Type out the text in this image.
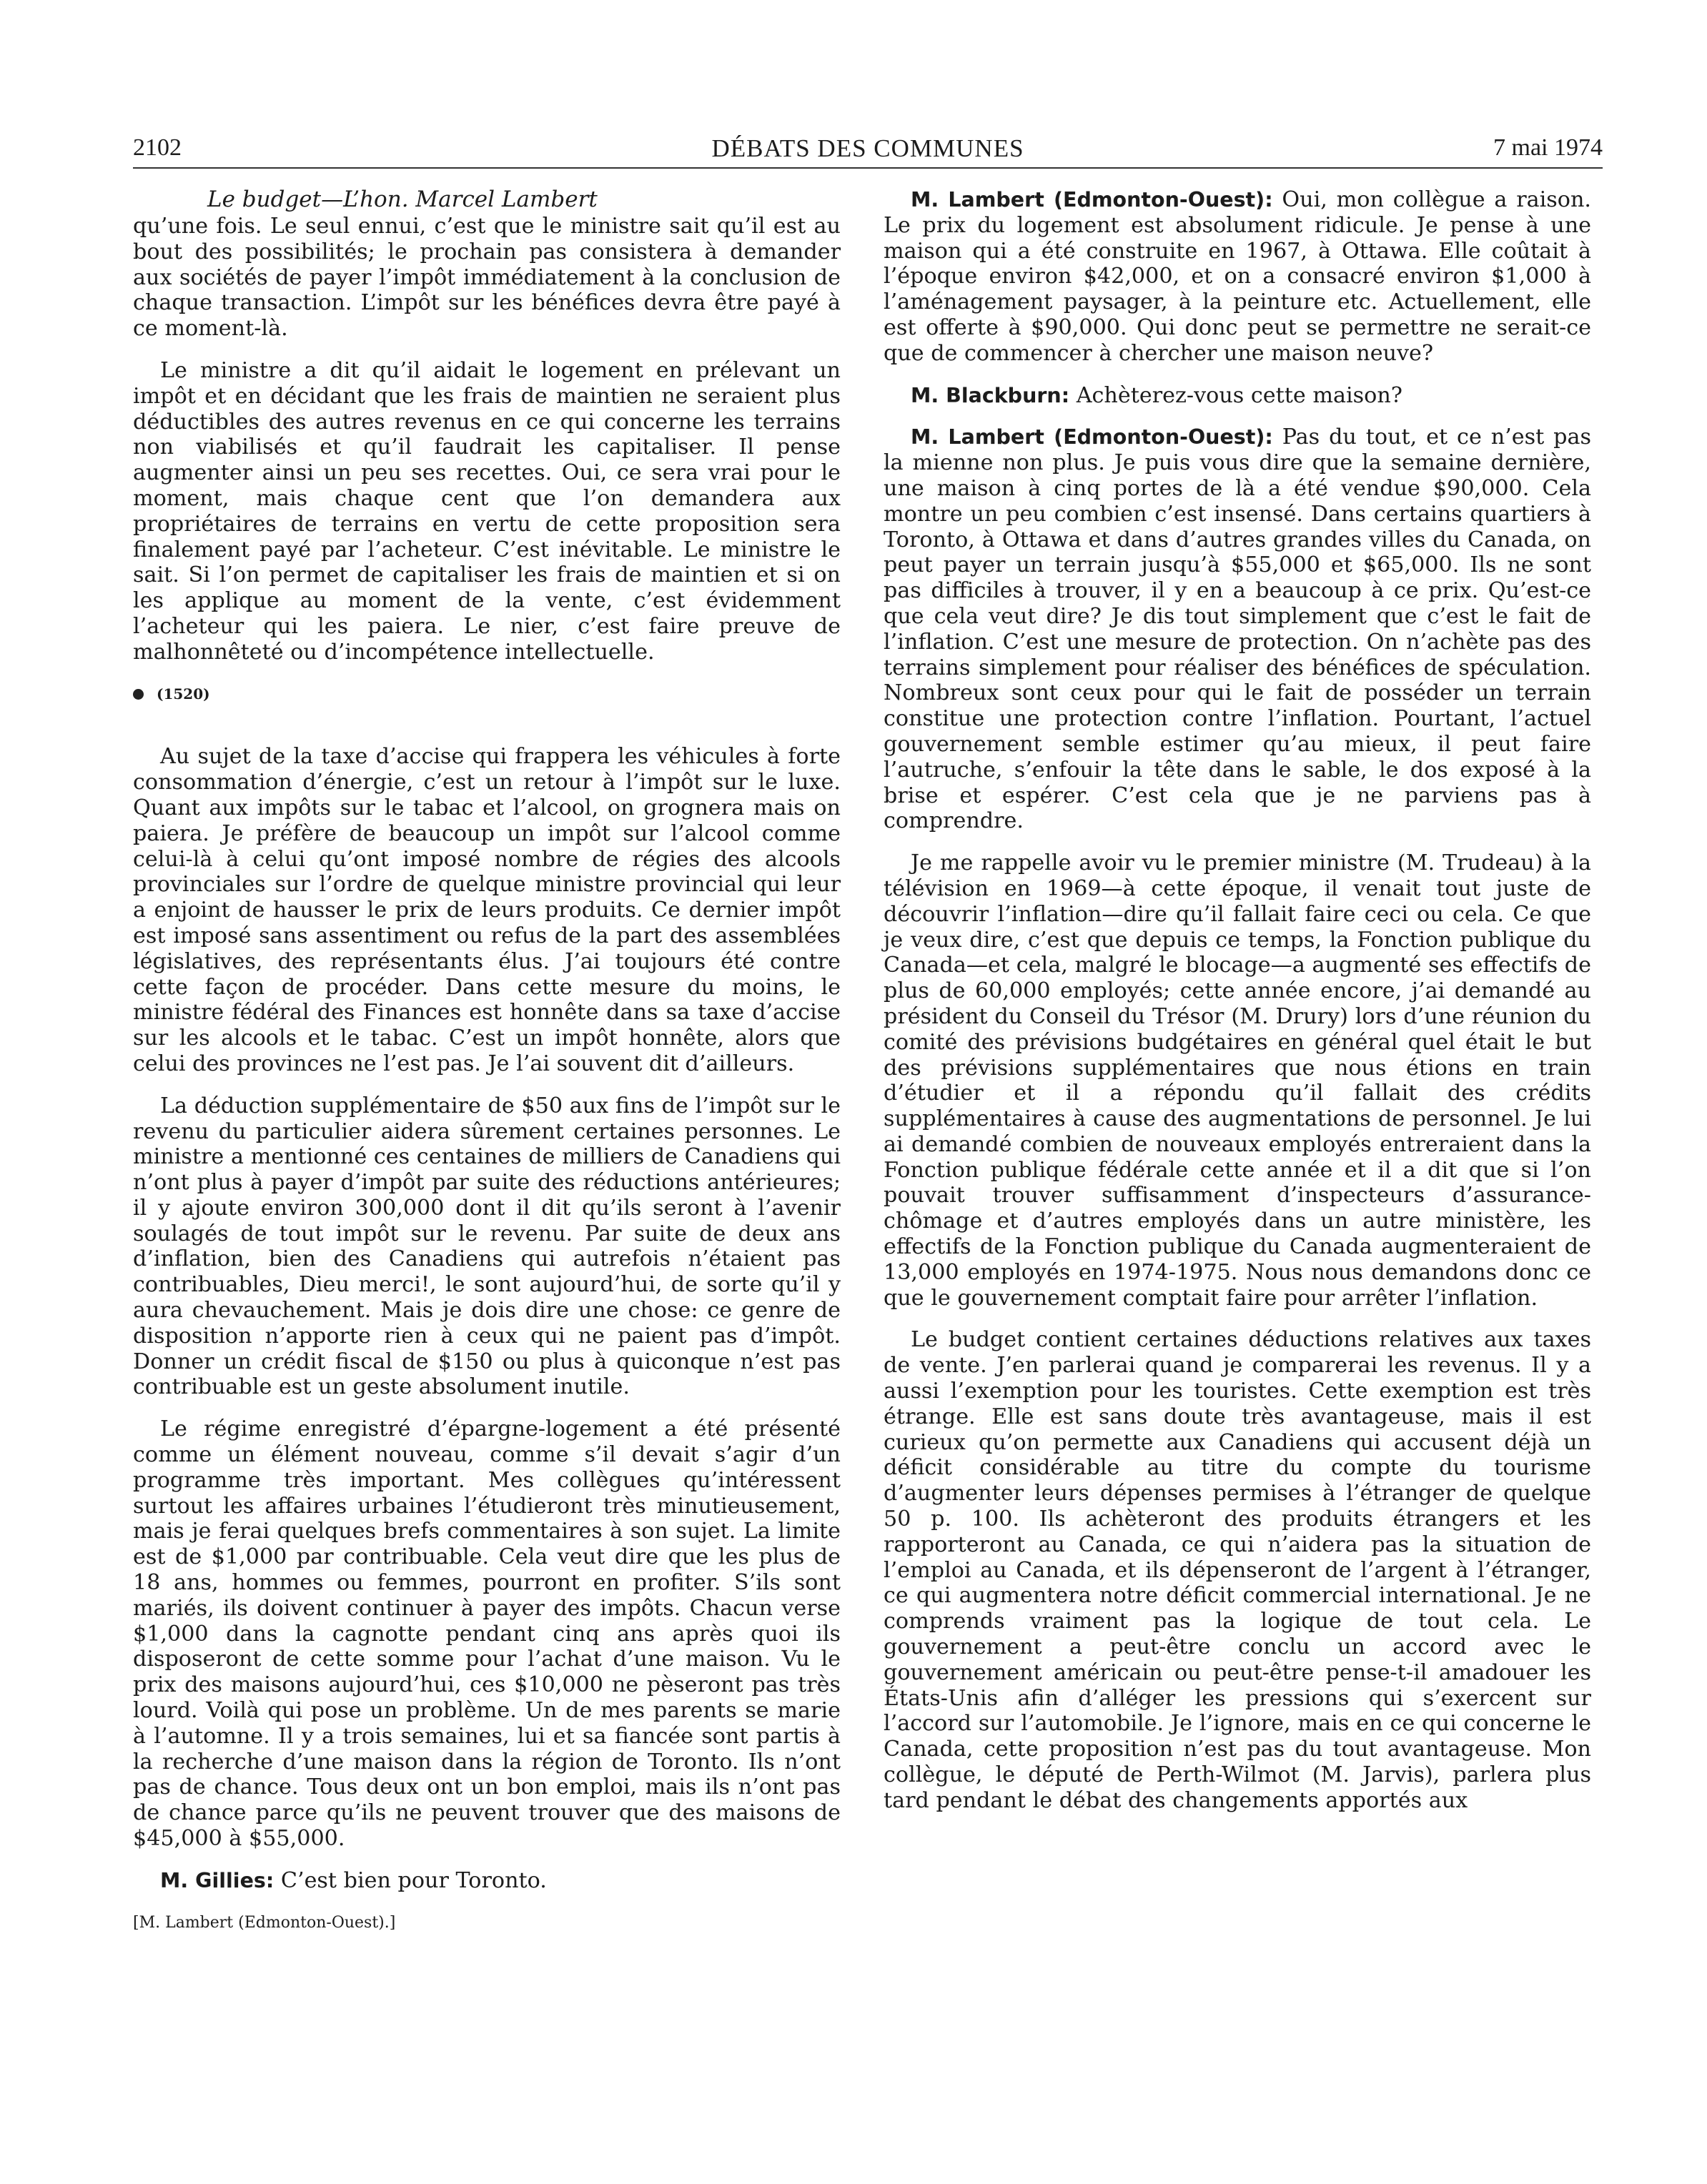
2102	DÉBATS DES COMMUNES	7 mai 1974
Le budget—L’hon. Marcel Lambert

qu’une fois. Le seul ennui, c’est que le ministre sait qu’il est au bout des possibilités; le prochain pas consistera à demander aux sociétés de payer l’impôt immédiatement à la conclusion de chaque transaction. L’impôt sur les bénéfices devra être payé à ce moment-là.

Le ministre a dit qu’il aidait le logement en prélevant un impôt et en décidant que les frais de maintien ne seraient plus déductibles des autres revenus en ce qui concerne les terrains non viabilisés et qu’il faudrait les capitaliser. Il pense augmenter ainsi un peu ses recettes. Oui, ce sera vrai pour le moment, mais chaque cent que l’on demandera aux propriétaires de terrains en vertu de cette proposition sera finalement payé par l’acheteur. C’est inévitable. Le ministre le sait. Si l’on permet de capitaliser les frais de maintien et si on les applique au moment de la vente, c’est évidemment l’acheteur qui les paiera. Le nier, c’est faire preuve de malhonnêteté ou d’incompétence intellectuelle.

(1520)

Au sujet de la taxe d’accise qui frappera les véhicules à forte consommation d’énergie, c’est un retour à l’impôt sur le luxe. Quant aux impôts sur le tabac et l’alcool, on grognera mais on paiera. Je préfère de beaucoup un impôt sur l’alcool comme celui-là à celui qu’ont imposé nombre de régies des alcools provinciales sur l’ordre de quelque ministre provincial qui leur a enjoint de hausser le prix de leurs produits. Ce dernier impôt est imposé sans assentiment ou refus de la part des assemblées législatives, des représentants élus. J’ai toujours été contre cette façon de procéder. Dans cette mesure du moins, le ministre fédéral des Finances est honnête dans sa taxe d’accise sur les alcools et le tabac. C’est un impôt honnête, alors que celui des provinces ne l’est pas. Je l’ai souvent dit d’ailleurs.

La déduction supplémentaire de $50 aux fins de l’impôt sur le revenu du particulier aidera sûrement certaines personnes. Le ministre a mentionné ces centaines de milliers de Canadiens qui n’ont plus à payer d’impôt par suite des réductions antérieures; il y ajoute environ 300,000 dont il dit qu’ils seront à l’avenir soulagés de tout impôt sur le revenu. Par suite de deux ans d’inflation, bien des Canadiens qui autrefois n’étaient pas contribuables, Dieu merci!, le sont aujourd’hui, de sorte qu’il y aura chevauchement. Mais je dois dire une chose: ce genre de disposition n’apporte rien à ceux qui ne paient pas d’impôt. Donner un crédit fiscal de $150 ou plus à quiconque n’est pas contribuable est un geste absolument inutile.

Le régime enregistré d’épargne-logement a été présenté comme un élément nouveau, comme s’il devait s’agir d’un programme très important. Mes collègues qu’intéressent surtout les affaires urbaines l’étudieront très minutieusement, mais je ferai quelques brefs commentaires à son sujet. La limite est de $1,000 par contribuable. Cela veut dire que les plus de 18 ans, hommes ou femmes, pourront en profiter. S’ils sont mariés, ils doivent continuer à payer des impôts. Chacun verse $1,000 dans la cagnotte pendant cinq ans après quoi ils disposeront de cette somme pour l’achat d’une maison. Vu le prix des maisons aujourd’hui, ces $10,000 ne pèseront pas très lourd. Voilà qui pose un problème. Un de mes parents se marie à l’automne. Il y a trois semaines, lui et sa fiancée sont partis à la recherche d’une maison dans la région de Toronto. Ils n’ont pas de chance. Tous deux ont un bon emploi, mais ils n’ont pas de chance parce qu’ils ne peuvent trouver que des maisons de $45,000 à $55,000.

M. Gillies: C’est bien pour Toronto.

[M. Lambert (Edmonton-Ouest).]

M. Lambert (Edmonton-Ouest): Oui, mon collègue a raison. Le prix du logement est absolument ridicule. Je pense à une maison qui a été construite en 1967, à Ottawa. Elle coûtait à l’époque environ $42,000, et on a consacré environ $1,000 à l’aménagement paysager, à la peinture etc. Actuellement, elle est offerte à $90,000. Qui donc peut se permettre ne serait-ce que de commencer à chercher une maison neuve?

M. Blackburn: Achèterez-vous cette maison?

M. Lambert (Edmonton-Ouest): Pas du tout, et ce n’est pas la mienne non plus. Je puis vous dire que la semaine dernière, une maison à cinq portes de là a été vendue $90,000. Cela montre un peu combien c’est insensé. Dans certains quartiers à Toronto, à Ottawa et dans d’autres grandes villes du Canada, on peut payer un terrain jusqu’à $55,000 et $65,000. Ils ne sont pas difficiles à trouver, il y en a beaucoup à ce prix. Qu’est-ce que cela veut dire? Je dis tout simplement que c’est le fait de l’inflation. C’est une mesure de protection. On n’achète pas des terrains simplement pour réaliser des bénéfices de spéculation. Nombreux sont ceux pour qui le fait de posséder un terrain constitue une protection contre l’inflation. Pourtant, l’actuel gouvernement semble estimer qu’au mieux, il peut faire l’autruche, s’enfouir la tête dans le sable, le dos exposé à la brise et espérer. C’est cela que je ne parviens pas à comprendre.

Je me rappelle avoir vu le premier ministre (M. Trudeau) à la télévision en 1969—à cette époque, il venait tout juste de découvrir l’inflation—dire qu’il fallait faire ceci ou cela. Ce que je veux dire, c’est que depuis ce temps, la Fonction publique du Canada—et cela, malgré le blocage—a augmenté ses effectifs de plus de 60,000 employés; cette année encore, j’ai demandé au président du Conseil du Trésor (M. Drury) lors d’une réunion du comité des prévisions budgétaires en général quel était le but des prévisions supplémentaires que nous étions en train d’étudier et il a répondu qu’il fallait des crédits supplémentaires à cause des augmentations de personnel. Je lui ai demandé combien de nouveaux employés entreraient dans la Fonction publique fédérale cette année et il a dit que si l’on pouvait trouver suffisamment d’inspecteurs d’assurance-chômage et d’autres employés dans un autre ministère, les effectifs de la Fonction publique du Canada augmenteraient de 13,000 employés en 1974-1975. Nous nous demandons donc ce que le gouvernement comptait faire pour arrêter l’inflation.

Le budget contient certaines déductions relatives aux taxes de vente. J’en parlerai quand je comparerai les revenus. Il y a aussi l’exemption pour les touristes. Cette exemption est très étrange. Elle est sans doute très avantageuse, mais il est curieux qu’on permette aux Canadiens qui accusent déjà un déficit considérable au titre du compte du tourisme d’augmenter leurs dépenses permises à l’étranger de quelque 50 p. 100. Ils achèteront des produits étrangers et les rapporteront au Canada, ce qui n’aidera pas la situation de l’emploi au Canada, et ils dépenseront de l’argent à l’étranger, ce qui augmentera notre déficit commercial international. Je ne comprends vraiment pas la logique de tout cela. Le gouvernement a peut-être conclu un accord avec le gouvernement américain ou peut-être pense-t-il amadouer les États-Unis afin d’alléger les pressions qui s’exercent sur l’accord sur l’automobile. Je l’ignore, mais en ce qui concerne le Canada, cette proposition n’est pas du tout avantageuse. Mon collègue, le député de Perth-Wilmot (M. Jarvis), parlera plus tard pendant le débat des changements apportés aux
